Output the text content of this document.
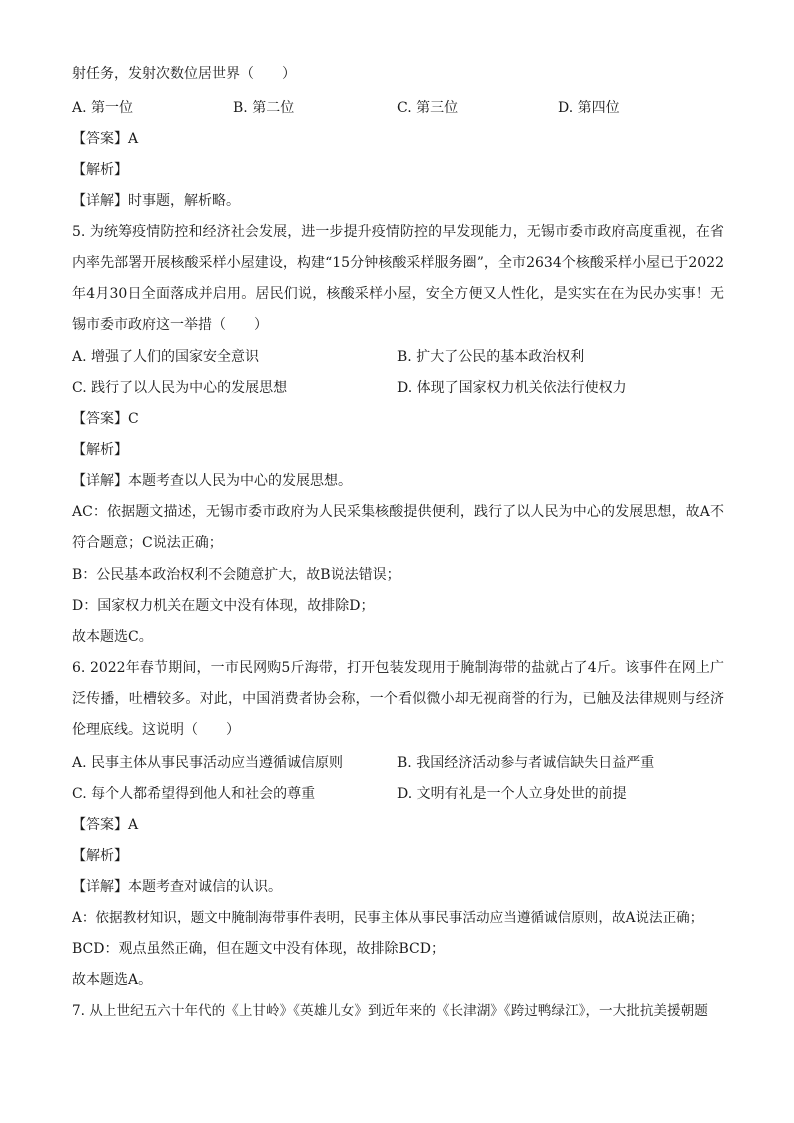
射任务，发射次数位居世界（　　）
A. 第一位	B. 第二位	C. 第三位	D. 第四位
【答案】A
【解析】
【详解】时事题，解析略。
5. 为统筹疫情防控和经济社会发展，进一步提升疫情防控的早发现能力，无锡市委市政府高度重视，在省内率先部署开展核酸采样小屋建设，构建“15分钟核酸采样服务圈”，全市2634个核酸采样小屋已于2022年4月30日全面落成并启用。居民们说，核酸采样小屋，安全方便又人性化，是实实在在为民办实事！无锡市委市政府这一举措（　　）
A. 增强了人们的国家安全意识	B. 扩大了公民的基本政治权利
C. 践行了以人民为中心的发展思想	D. 体现了国家权力机关依法行使权力
【答案】C
【解析】
【详解】本题考查以人民为中心的发展思想。
AC：依据题文描述，无锡市委市政府为人民采集核酸提供便利，践行了以人民为中心的发展思想，故A不符合题意；C说法正确；
B：公民基本政治权利不会随意扩大，故B说法错误；
D：国家权力机关在题文中没有体现，故排除D；
故本题选C。
6. 2022年春节期间，一市民网购5斤海带，打开包装发现用于腌制海带的盐就占了4斤。该事件在网上广泛传播，吐槽较多。对此，中国消费者协会称，一个看似微小却无视商誉的行为，已触及法律规则与经济伦理底线。这说明（　　）
A. 民事主体从事民事活动应当遵循诚信原则	B. 我国经济活动参与者诚信缺失日益严重
C. 每个人都希望得到他人和社会的尊重	D. 文明有礼是一个人立身处世的前提
【答案】A
【解析】
【详解】本题考查对诚信的认识。
A：依据教材知识，题文中腌制海带事件表明，民事主体从事民事活动应当遵循诚信原则，故A说法正确；
BCD：观点虽然正确，但在题文中没有体现，故排除BCD；
故本题选A。
7. 从上世纪五六十年代的《上甘岭》《英雄儿女》到近年来的《长津湖》《跨过鸭绿江》，一大批抗美援朝题
